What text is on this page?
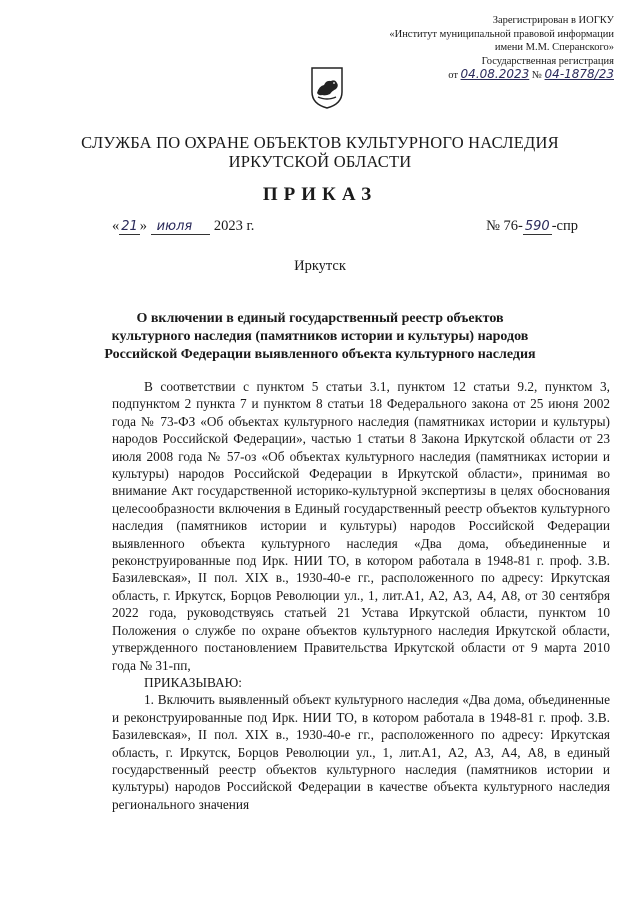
Зарегистрирован в ИОГКУ
«Институт муниципальной правовой информации
имени М.М. Сперанского»
Государственная регистрация
от 04.08.2023 № 04-1878/23
СЛУЖБА ПО ОХРАНЕ ОБЪЕКТОВ КУЛЬТУРНОГО НАСЛЕДИЯ
ИРКУТСКОЙ ОБЛАСТИ
ПРИКАЗ
« 21 » июля 2023 г.	№ 76- 590 -спр
Иркутск
О включении в единый государственный реестр объектов культурного наследия (памятников истории и культуры) народов Российской Федерации выявленного объекта культурного наследия

В соответствии с пунктом 5 статьи 3.1, пунктом 12 статьи 9.2, пунктом 3, подпунктом 2 пункта 7 и пунктом 8 статьи 18 Федерального закона от 25 июня 2002 года № 73-ФЗ «Об объектах культурного наследия (памятниках истории и культуры) народов Российской Федерации», частью 1 статьи 8 Закона Иркутской области от 23 июля 2008 года № 57-оз «Об объектах культурного наследия (памятниках истории и культуры) народов Российской Федерации в Иркутской области», принимая во внимание Акт государственной историко-культурной экспертизы в целях обоснования целесообразности включения в Единый государственный реестр объектов культурного наследия (памятников истории и культуры) народов Российской Федерации выявленного объекта культурного наследия «Два дома, объединенные и реконструированные под Ирк. НИИ ТО, в котором работала в 1948-81 г. проф. З.В. Базилевская», II пол. XIX в., 1930-40-е гг., расположенного по адресу: Иркутская область, г. Иркутск, Борцов Революции ул., 1, лит.А1, А2, А3, А4, А8, от 30 сентября 2022 года, руководствуясь статьей 21 Устава Иркутской области, пунктом 10 Положения о службе по охране объектов культурного наследия Иркутской области, утвержденного постановлением Правительства Иркутской области от 9 марта 2010 года № 31-пп,

ПРИКАЗЫВАЮ:

1. Включить выявленный объект культурного наследия «Два дома, объединенные и реконструированные под Ирк. НИИ ТО, в котором работала в 1948-81 г. проф. З.В. Базилевская», II пол. XIX в., 1930-40-е гг., расположенного по адресу: Иркутская область, г. Иркутск, Борцов Революции ул., 1, лит.А1, А2, А3, А4, А8, в единый государственный реестр объектов культурного наследия (памятников истории и культуры) народов Российской Федерации в качестве объекта культурного наследия регионального значения
